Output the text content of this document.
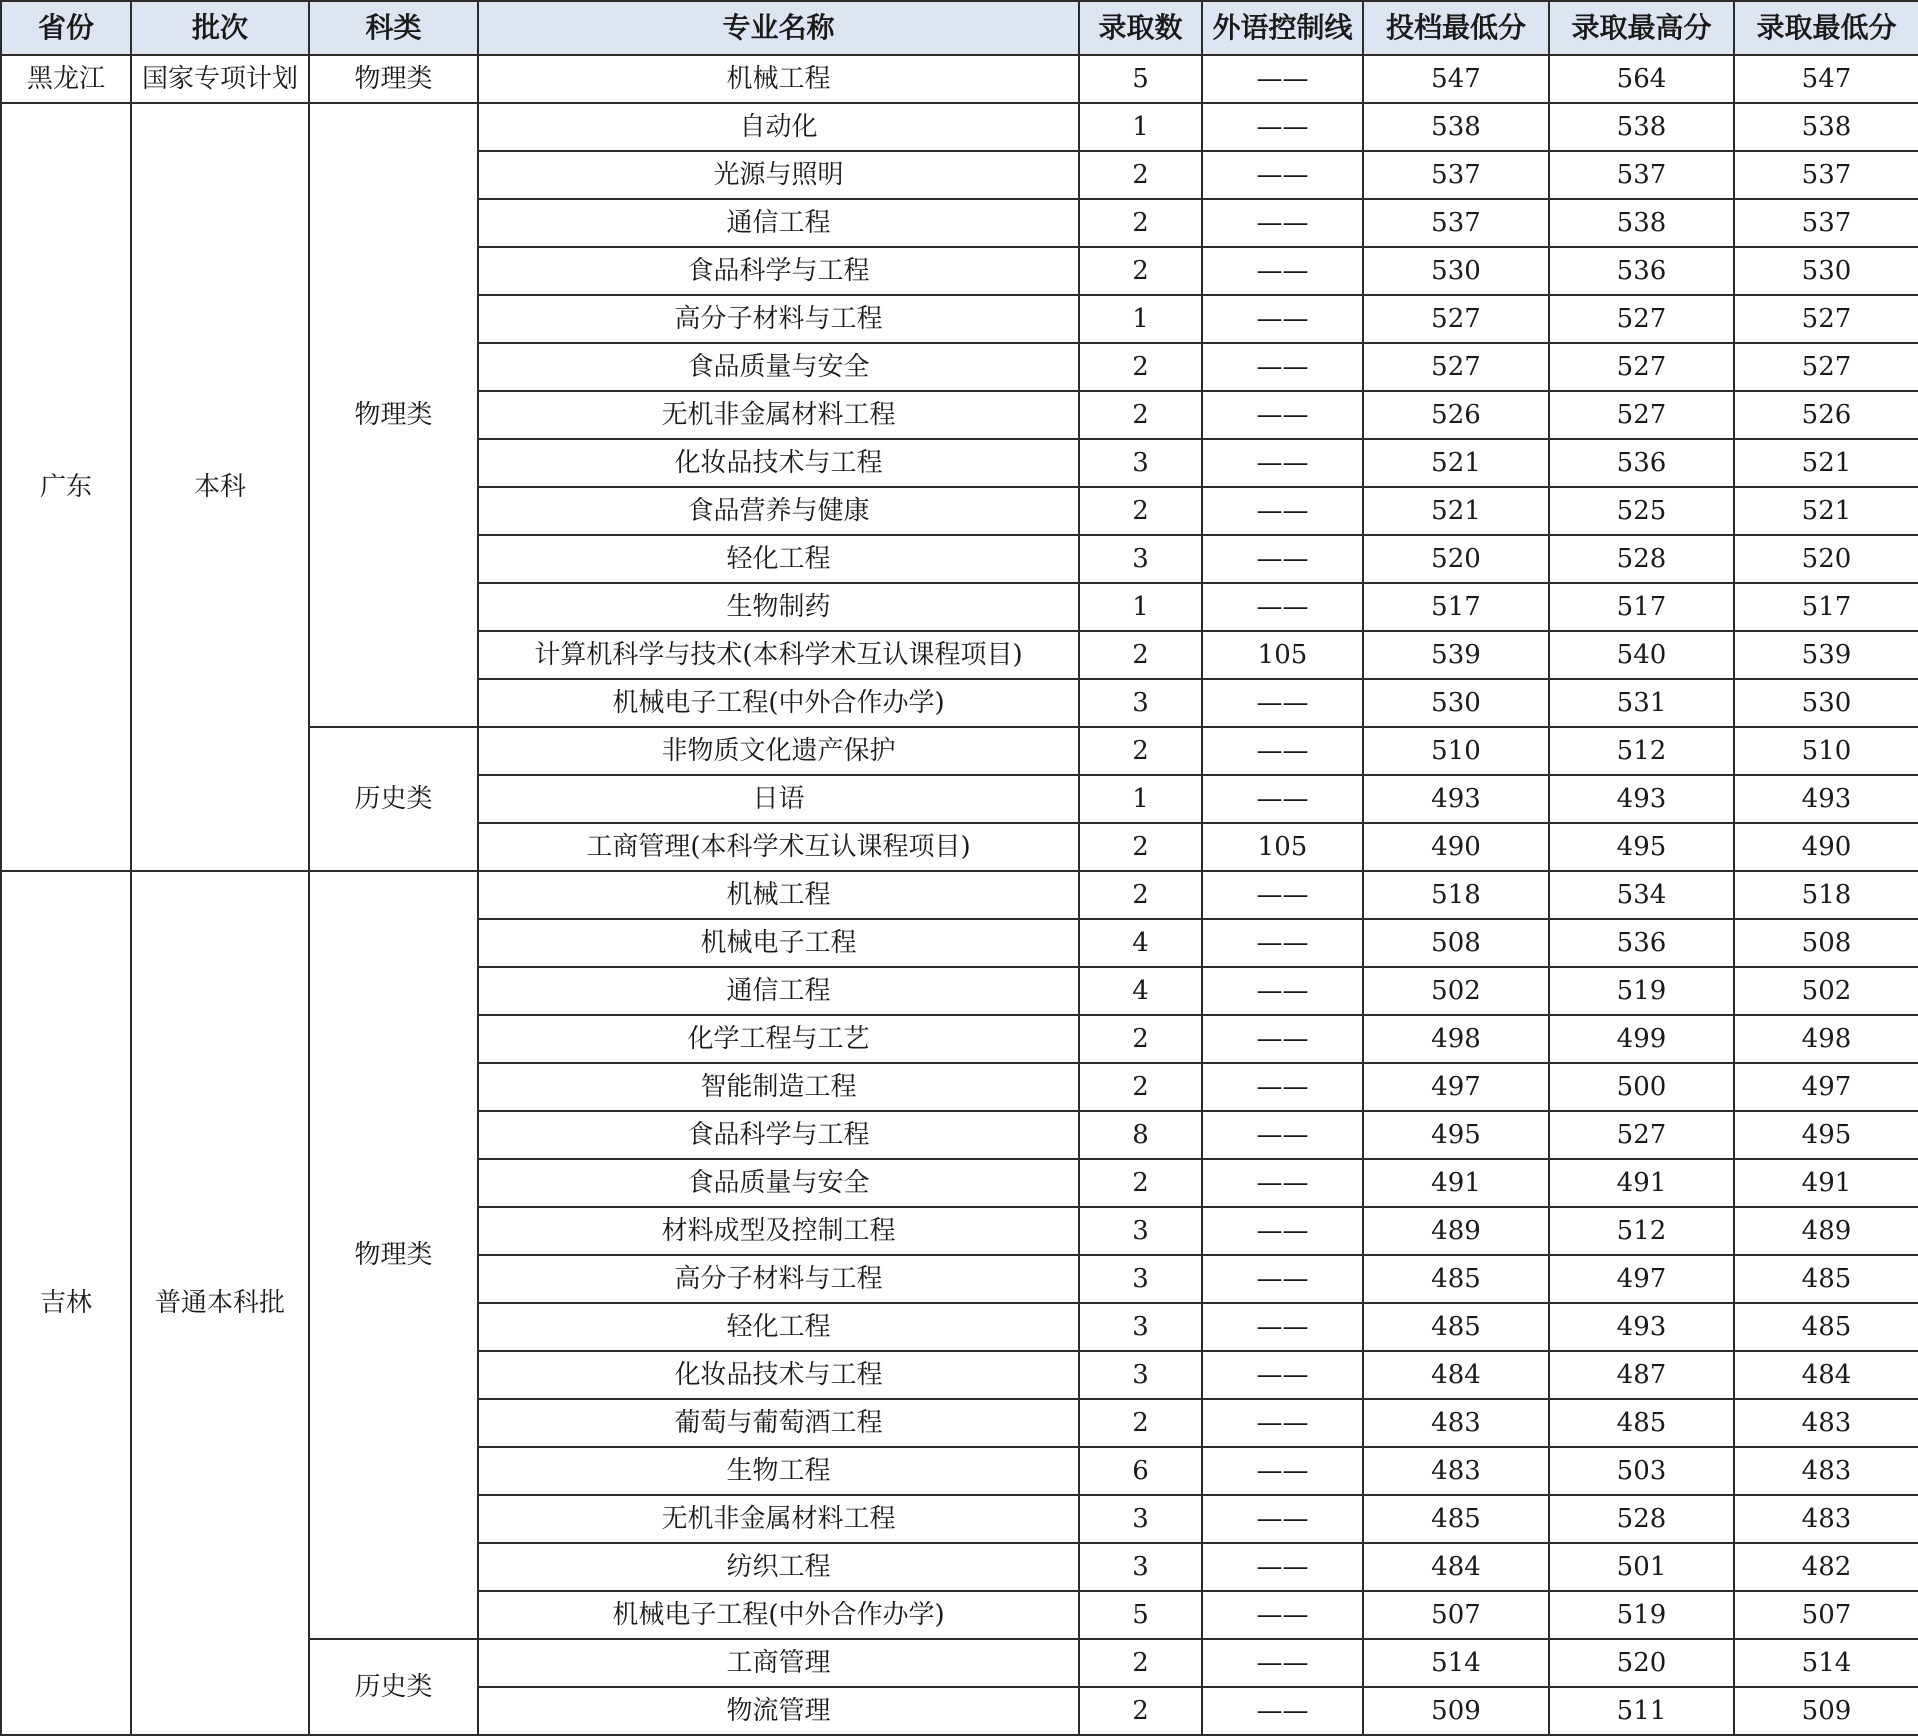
省份	批次	科类	专业名称	录取数	外语控制线	投档最低分	录取最高分	录取最低分
黑龙江	国家专项计划	物理类	机械工程	5	——	547	564	547
广东	本科	物理类	自动化	1	——	538	538	538
			光源与照明	2	——	537	537	537
			通信工程	2	——	537	538	537
			食品科学与工程	2	——	530	536	530
			高分子材料与工程	1	——	527	527	527
			食品质量与安全	2	——	527	527	527
			无机非金属材料工程	2	——	526	527	526
			化妆品技术与工程	3	——	521	536	521
			食品营养与健康	2	——	521	525	521
			轻化工程	3	——	520	528	520
			生物制药	1	——	517	517	517
			计算机科学与技术(本科学术互认课程项目)	2	105	539	540	539
			机械电子工程(中外合作办学)	3	——	530	531	530
		历史类	非物质文化遗产保护	2	——	510	512	510
			日语	1	——	493	493	493
			工商管理(本科学术互认课程项目)	2	105	490	495	490
吉林	普通本科批	物理类	机械工程	2	——	518	534	518
			机械电子工程	4	——	508	536	508
			通信工程	4	——	502	519	502
			化学工程与工艺	2	——	498	499	498
			智能制造工程	2	——	497	500	497
			食品科学与工程	8	——	495	527	495
			食品质量与安全	2	——	491	491	491
			材料成型及控制工程	3	——	489	512	489
			高分子材料与工程	3	——	485	497	485
			轻化工程	3	——	485	493	485
			化妆品技术与工程	3	——	484	487	484
			葡萄与葡萄酒工程	2	——	483	485	483
			生物工程	6	——	483	503	483
			无机非金属材料工程	3	——	485	528	483
			纺织工程	3	——	484	501	482
			机械电子工程(中外合作办学)	5	——	507	519	507
		历史类	工商管理	2	——	514	520	514
			物流管理	2	——	509	511	509
